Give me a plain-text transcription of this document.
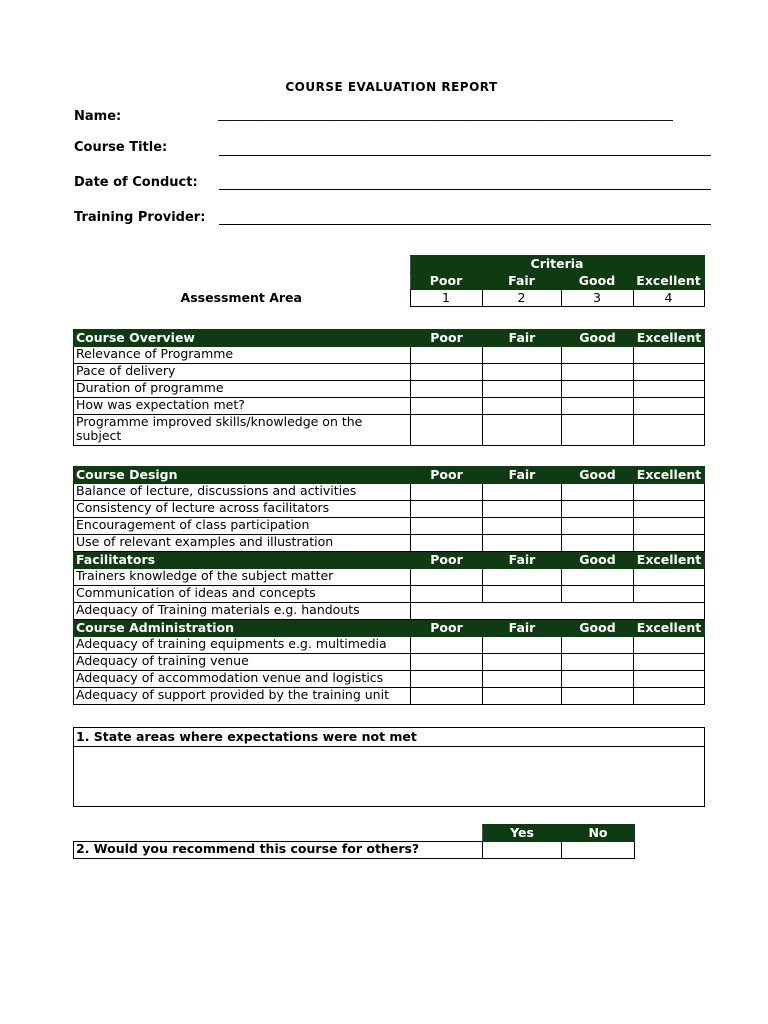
COURSE EVALUATION REPORT
Name:	______________________________________________________________________
Course Title:
Date of Conduct:
Training Provider:
	Criteria			
	Poor	Fair	Good	Excellent
Assessment Area	1	2	3	4
Course Overview	Poor	Fair	Good	Excellent
Relevance of Programme				
Pace of delivery				
Duration of programme				
How was expectation met?				
Programme improved skills/knowledge on the subject				
Course Design	Poor	Fair	Good	Excellent
Balance of lecture, discussions and activities				
Consistency of lecture across facilitators				
Encouragement of class participation				
Use of relevant examples and illustration				
Facilitators	Poor	Fair	Good	Excellent
Trainers knowledge of the subject matter				
Communication of ideas and concepts				
Adequacy of Training materials e.g. handouts				
Course Administration	Poor	Fair	Good	Excellent
Adequacy of training equipments e.g. multimedia				
Adequacy of training venue				
Adequacy of accommodation venue and logistics				
Adequacy of support provided by the training unit				
1. State areas where expectations were not met
	Yes	No
2. Would you recommend this course for others?		
